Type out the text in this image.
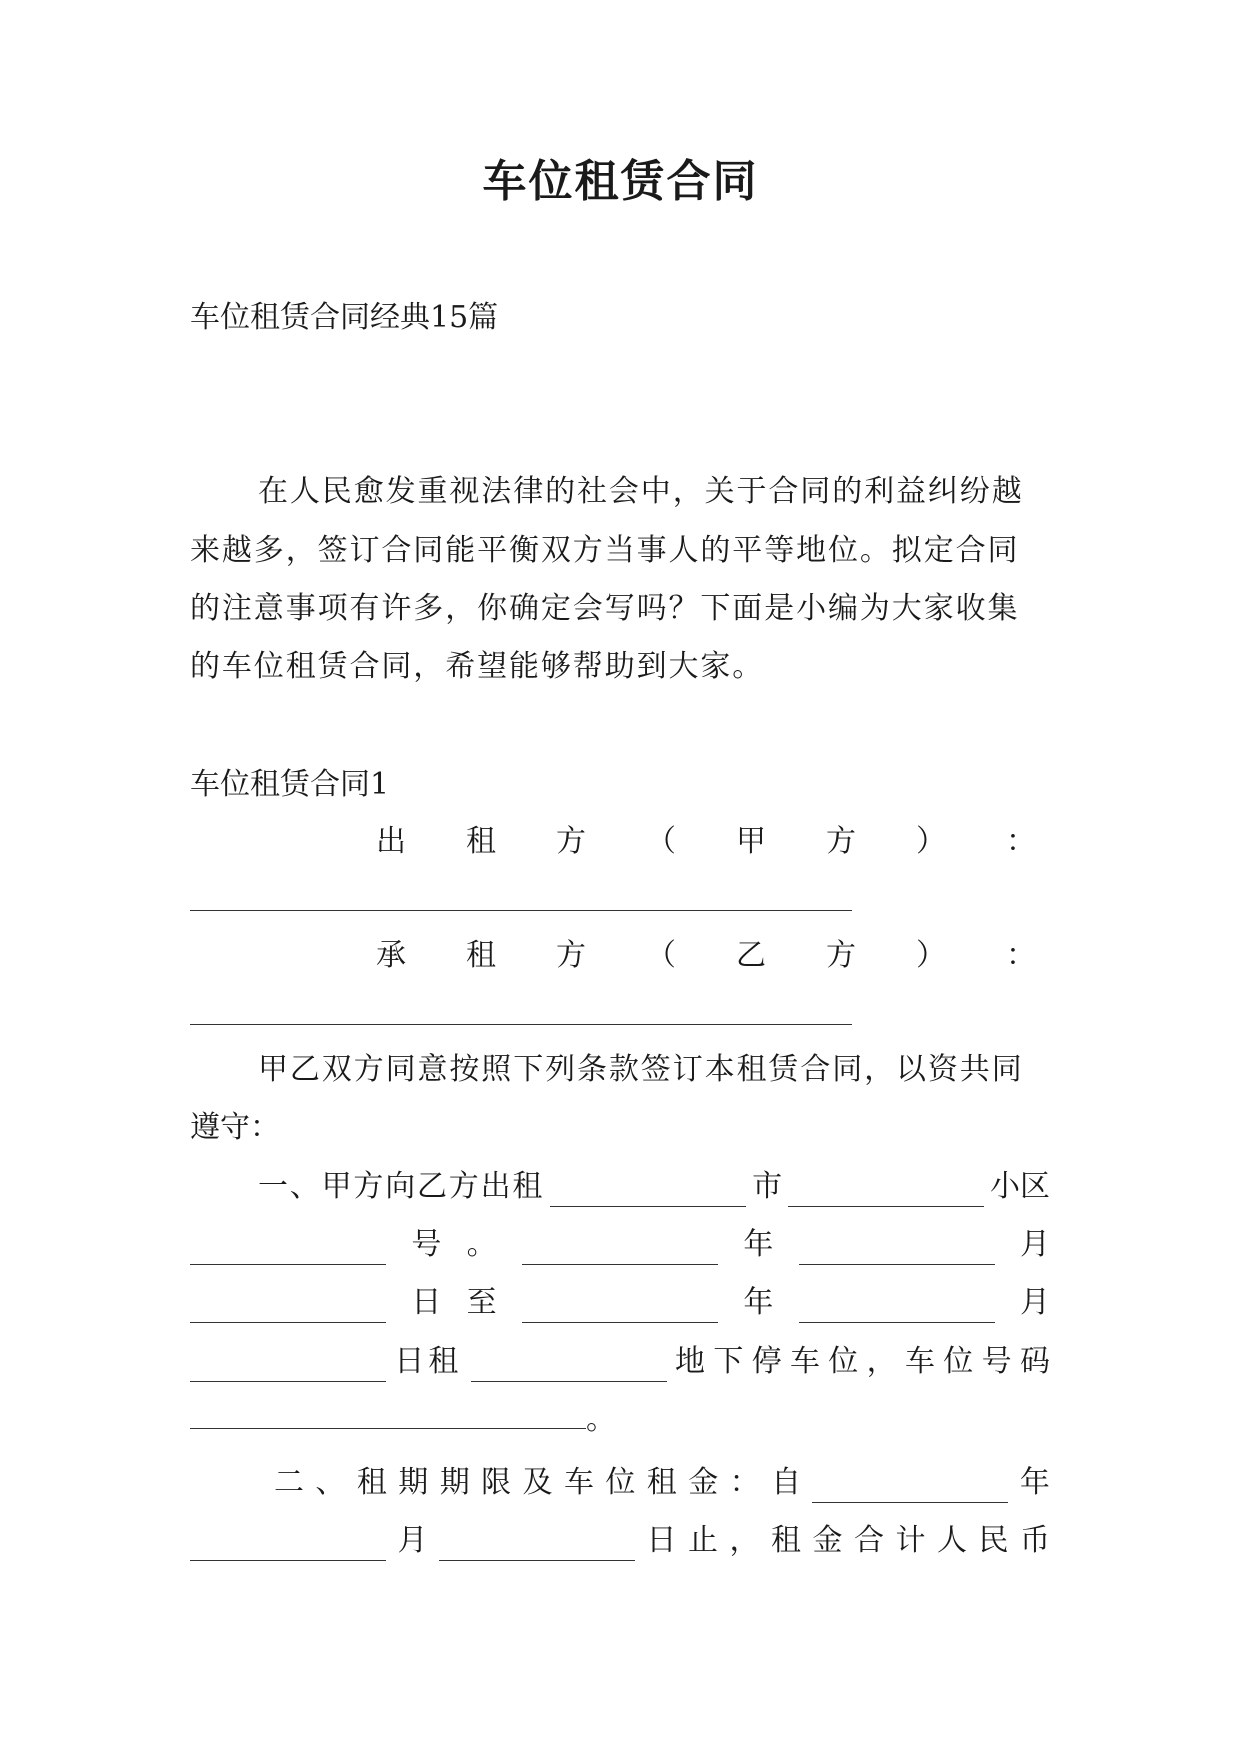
车位租赁合同
车位租赁合同经典15篇
在人民愈发重视法律的社会中，关于合同的利益纠纷越
来越多，签订合同能平衡双方当事人的平等地位。拟定合同
的注意事项有许多，你确定会写吗？下面是小编为大家收集
的车位租赁合同，希望能够帮助到大家。
车位租赁合同1
出 租 方 （ 甲 方 ） ：
承 租 方 （ 乙 方 ） ：
甲乙双方同意按照下列条款签订本租赁合同，以资共同
遵守：
一、甲方向乙方出租	市	小区
号 。	年	月
日 至	年	月
日租	地 下 停 车 位 ， 车 位 号 码
。
二 、 租 期 期 限 及 车 位 租 金 ： 自	年
月	日 止 ， 租 金 合 计 人 民 币
